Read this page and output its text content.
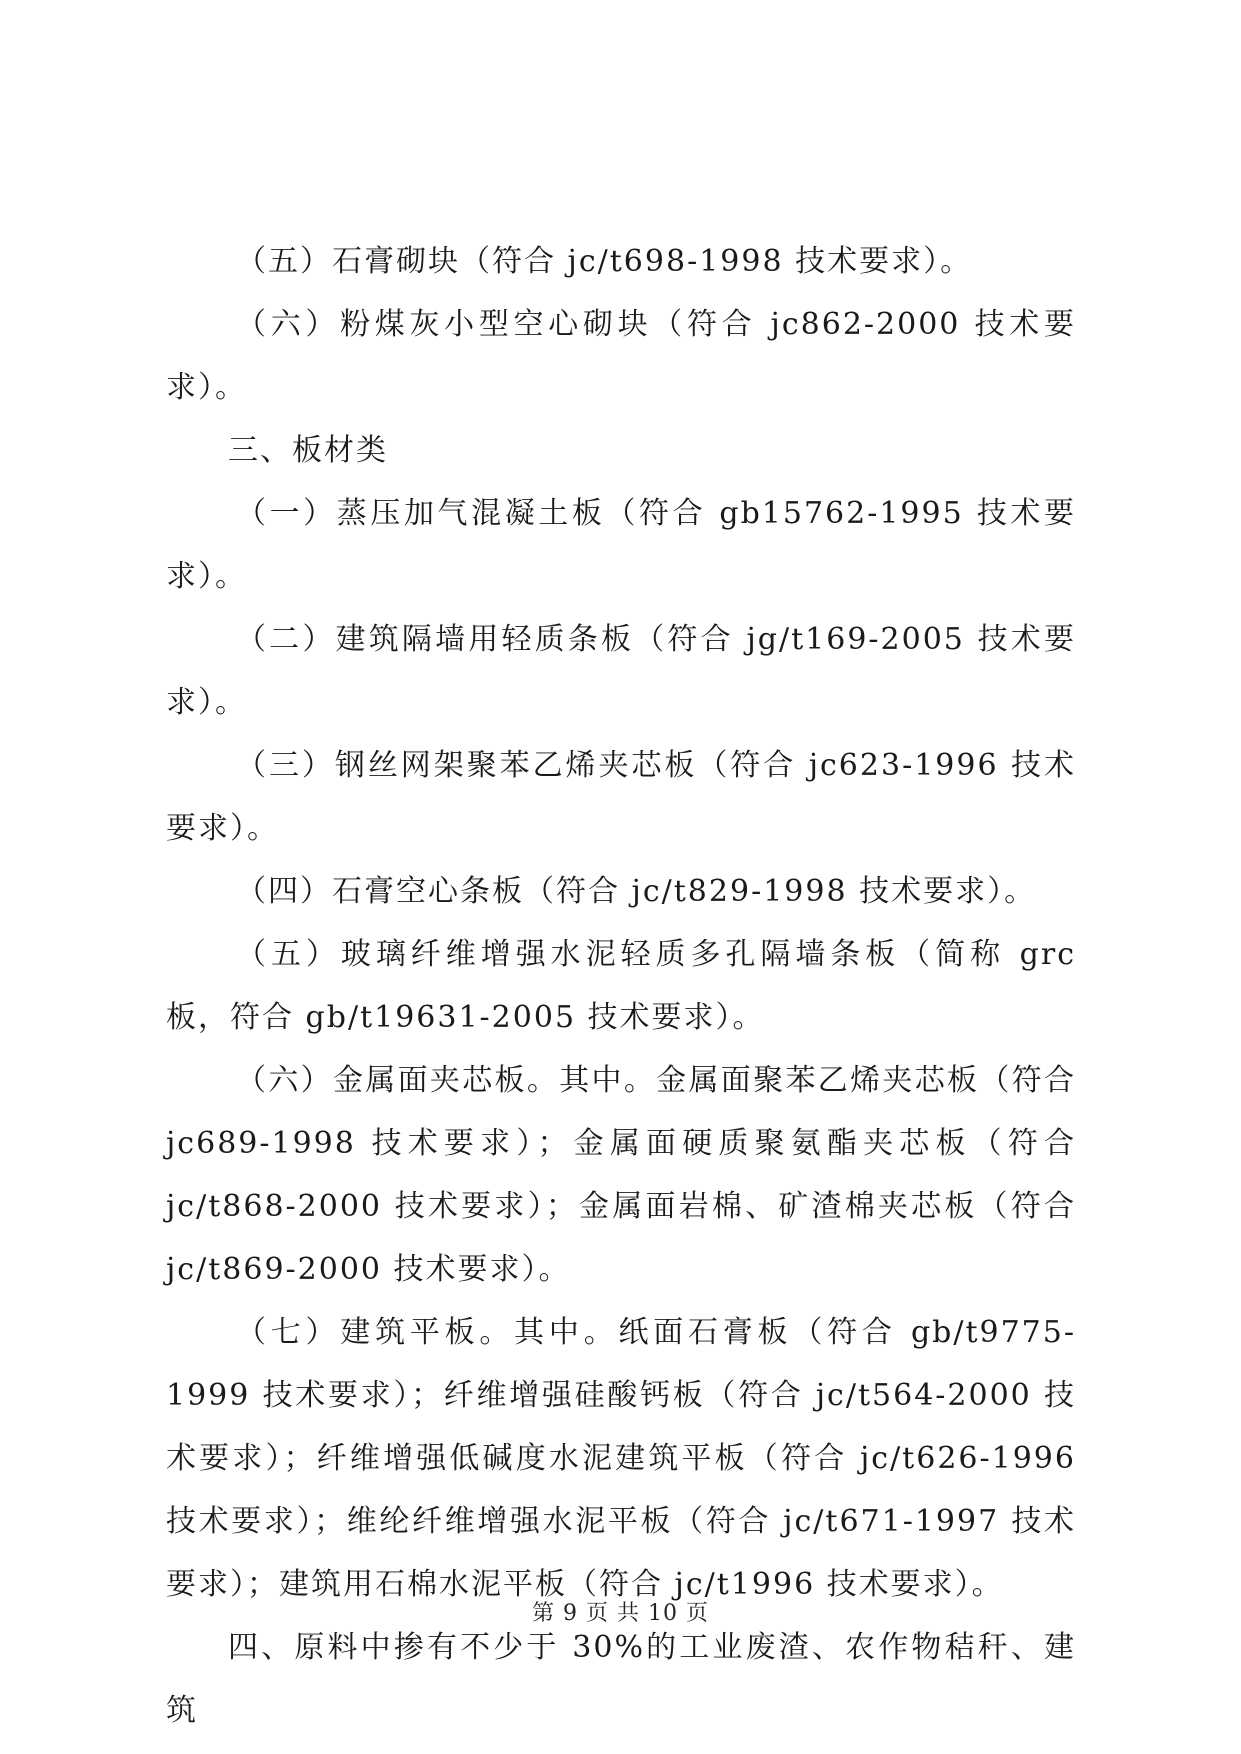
（五）石膏砌块（符合 jc/t698-1998 技术要求）。

（六）粉煤灰小型空心砌块（符合 jc862-2000 技术要求）。

三、板材类

（一）蒸压加气混凝土板（符合 gb15762-1995 技术要求）。

（二）建筑隔墙用轻质条板（符合 jg/t169-2005 技术要求）。

（三）钢丝网架聚苯乙烯夹芯板（符合 jc623-1996 技术要求）。

（四）石膏空心条板（符合 jc/t829-1998 技术要求）。

（五）玻璃纤维增强水泥轻质多孔隔墙条板（简称 grc 板，符合 gb/t19631-2005 技术要求）。

（六）金属面夹芯板。其中。金属面聚苯乙烯夹芯板（符合 jc689-1998 技术要求）；金属面硬质聚氨酯夹芯板（符合 jc/t868-2000 技术要求）；金属面岩棉、矿渣棉夹芯板（符合 jc/t869-2000 技术要求）。

（七）建筑平板。其中。纸面石膏板（符合 gb/t9775-1999 技术要求）；纤维增强硅酸钙板（符合 jc/t564-2000 技术要求）；纤维增强低碱度水泥建筑平板（符合 jc/t626-1996 技术要求）；维纶纤维增强水泥平板（符合 jc/t671-1997 技术要求）；建筑用石棉水泥平板（符合 jc/t1996 技术要求）。

四、原料中掺有不少于 30%的工业废渣、农作物秸秆、建筑

第 9 页 共 10 页
